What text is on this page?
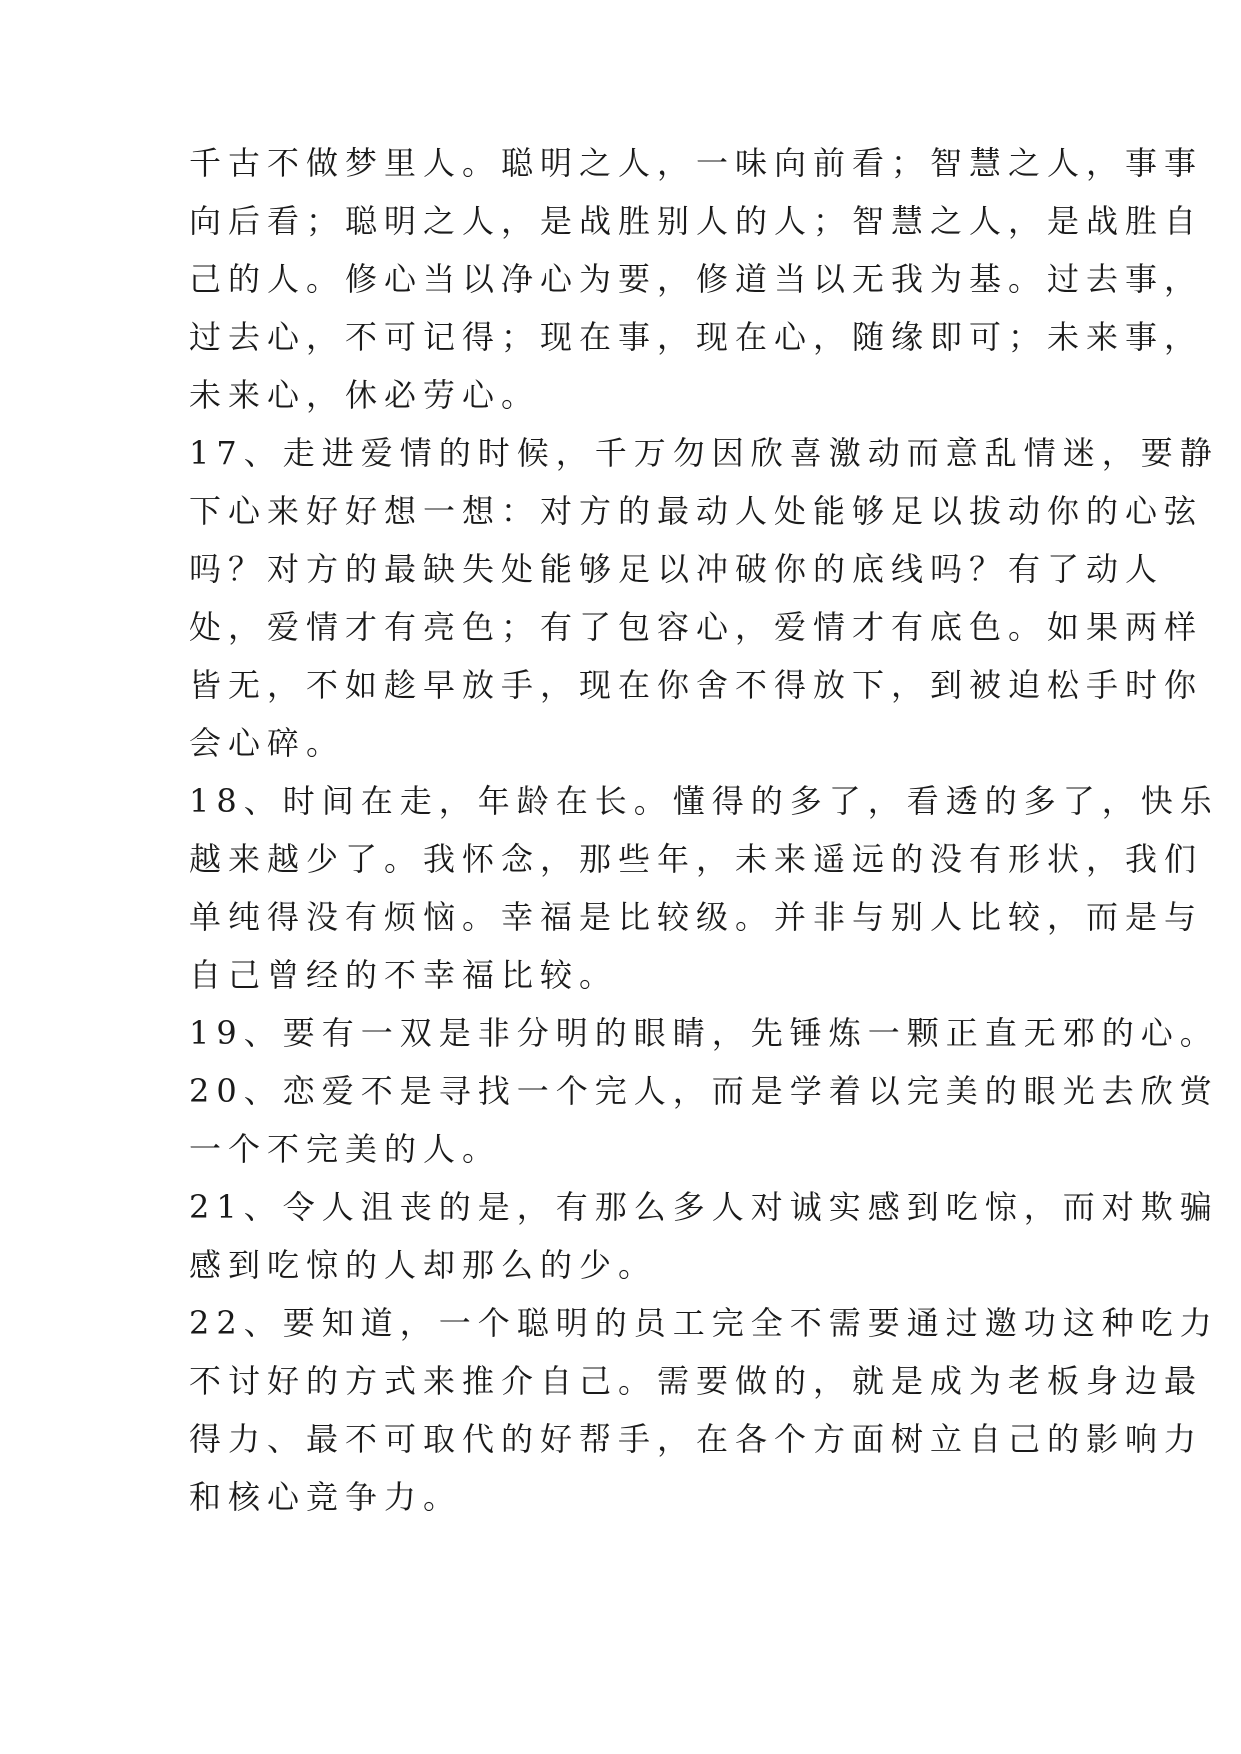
千古不做梦里人。聪明之人，一味向前看；智慧之人，事事
向后看；聪明之人，是战胜别人的人；智慧之人，是战胜自
己的人。修心当以净心为要，修道当以无我为基。过去事，
过去心，不可记得；现在事，现在心，随缘即可；未来事，
未来心，休必劳心。
17、走进爱情的时候，千万勿因欣喜激动而意乱情迷，要静
下心来好好想一想：对方的最动人处能够足以拔动你的心弦
吗？对方的最缺失处能够足以冲破你的底线吗？有了动人
处，爱情才有亮色；有了包容心，爱情才有底色。如果两样
皆无，不如趁早放手，现在你舍不得放下，到被迫松手时你
会心碎。
18、时间在走，年龄在长。懂得的多了，看透的多了，快乐
越来越少了。我怀念，那些年，未来遥远的没有形状，我们
单纯得没有烦恼。幸福是比较级。并非与别人比较，而是与
自己曾经的不幸福比较。
19、要有一双是非分明的眼睛，先锤炼一颗正直无邪的心。
20、恋爱不是寻找一个完人，而是学着以完美的眼光去欣赏
一个不完美的人。
21、令人沮丧的是，有那么多人对诚实感到吃惊，而对欺骗
感到吃惊的人却那么的少。
22、要知道，一个聪明的员工完全不需要通过邀功这种吃力
不讨好的方式来推介自己。需要做的，就是成为老板身边最
得力、最不可取代的好帮手，在各个方面树立自己的影响力
和核心竞争力。
